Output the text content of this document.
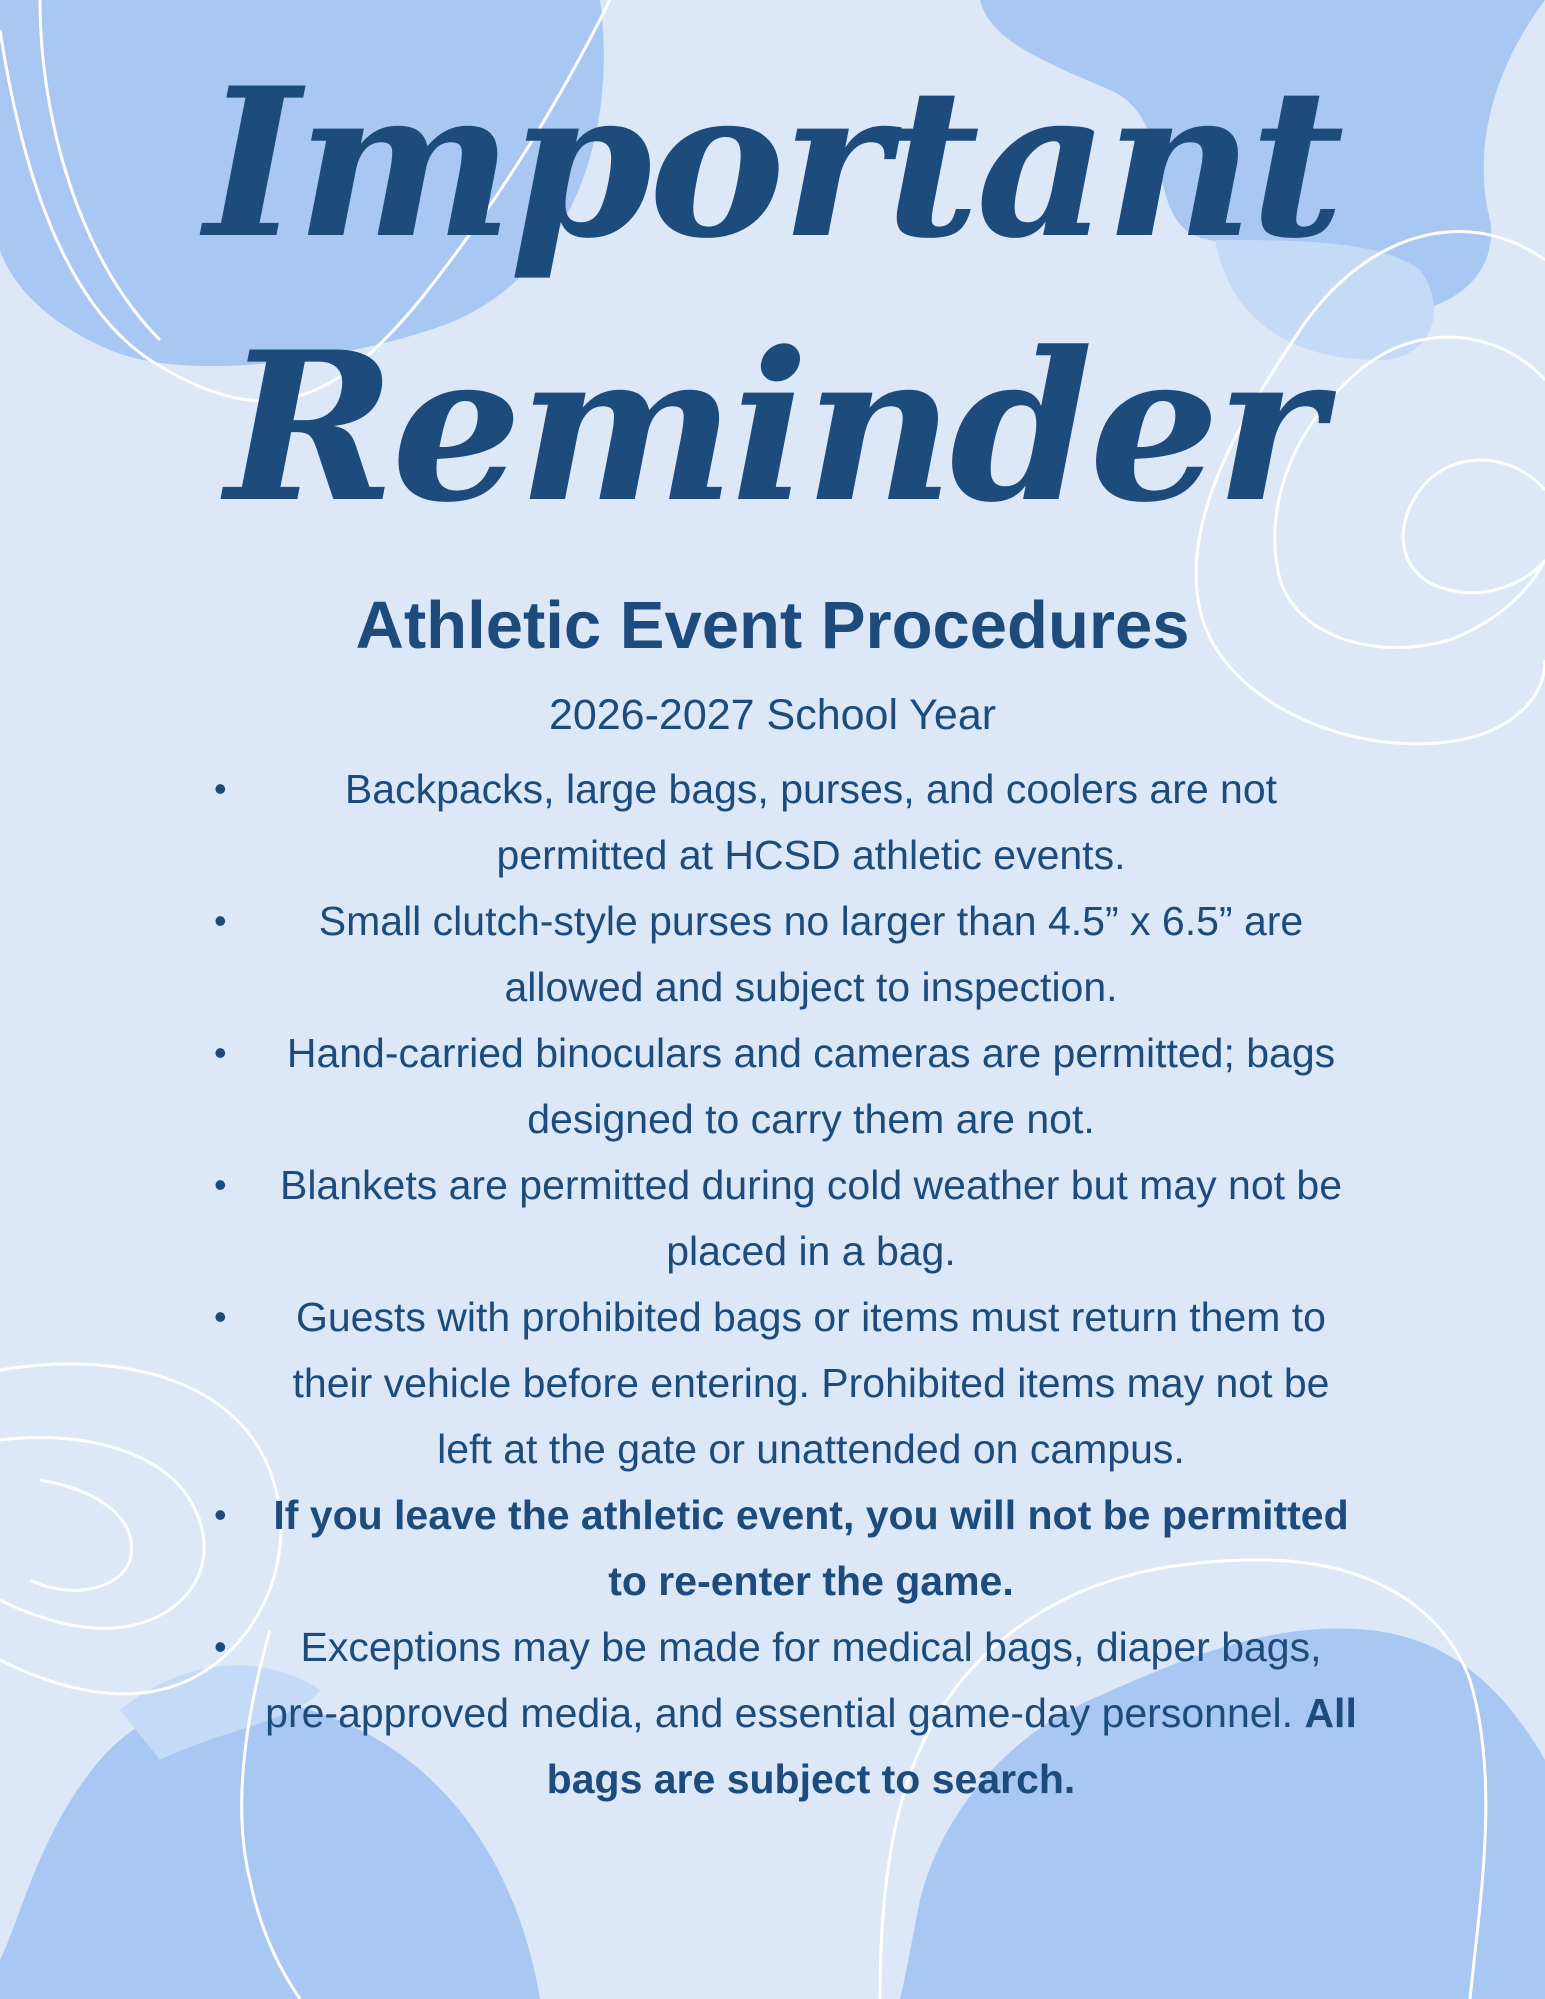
Important
Reminder
Athletic Event Procedures

2026-2027 School Year

•	Backpacks, large bags, purses, and coolers are not permitted at HCSD athletic events.
• Small clutch-style purses no larger than 4.5” x 6.5” are allowed and subject to inspection.
• Hand-carried binoculars and cameras are permitted; bags designed to carry them are not.
• Blankets are permitted during cold weather but may not be placed in a bag.
• Guests with prohibited bags or items must return them to their vehicle before entering. Prohibited items may not be left at the gate or unattended on campus.
• If you leave the athletic event, you will not be permitted to re-enter the game.
• Exceptions may be made for medical bags, diaper bags, pre-approved media, and essential game-day personnel. All bags are subject to search.
